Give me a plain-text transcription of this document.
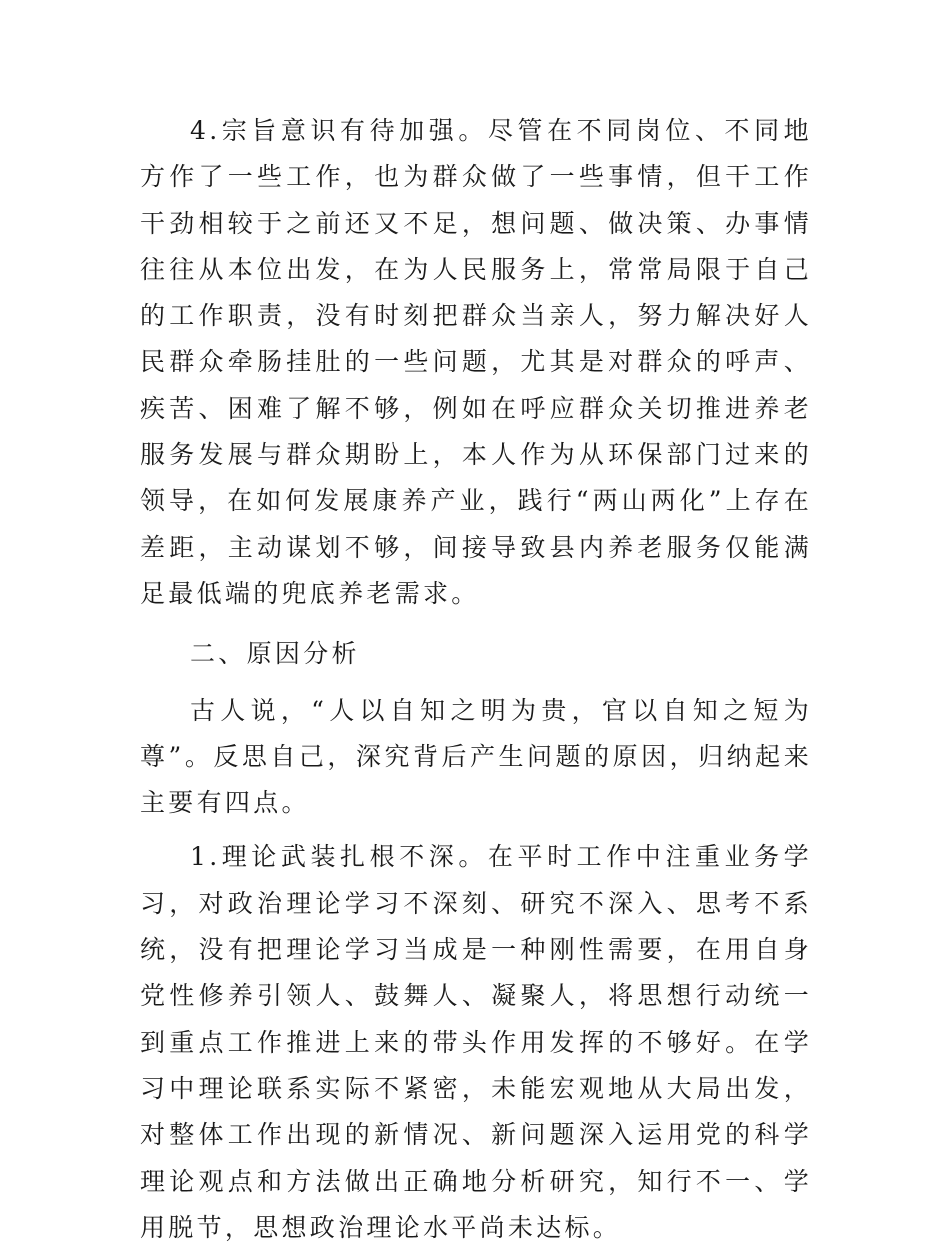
4.宗旨意识有待加强。尽管在不同岗位、不同地方作了一些工作，也为群众做了一些事情，但干工作干劲相较于之前还又不足，想问题、做决策、办事情往往从本位出发，在为人民服务上，常常局限于自己的工作职责，没有时刻把群众当亲人，努力解决好人民群众牵肠挂肚的一些问题，尤其是对群众的呼声、疾苦、困难了解不够，例如在呼应群众关切推进养老服务发展与群众期盼上，本人作为从环保部门过来的领导，在如何发展康养产业，践行“两山两化”上存在差距，主动谋划不够，间接导致县内养老服务仅能满足最低端的兜底养老需求。

二、原因分析

古人说，“人以自知之明为贵，官以自知之短为尊”。反思自己，深究背后产生问题的原因，归纳起来主要有四点。

1.理论武装扎根不深。在平时工作中注重业务学习，对政治理论学习不深刻、研究不深入、思考不系统，没有把理论学习当成是一种刚性需要，在用自身党性修养引领人、鼓舞人、凝聚人，将思想行动统一到重点工作推进上来的带头作用发挥的不够好。在学习中理论联系实际不紧密，未能宏观地从大局出发，对整体工作出现的新情况、新问题深入运用党的科学理论观点和方法做出正确地分析研究，知行不一、学用脱节，思想政治理论水平尚未达标。
